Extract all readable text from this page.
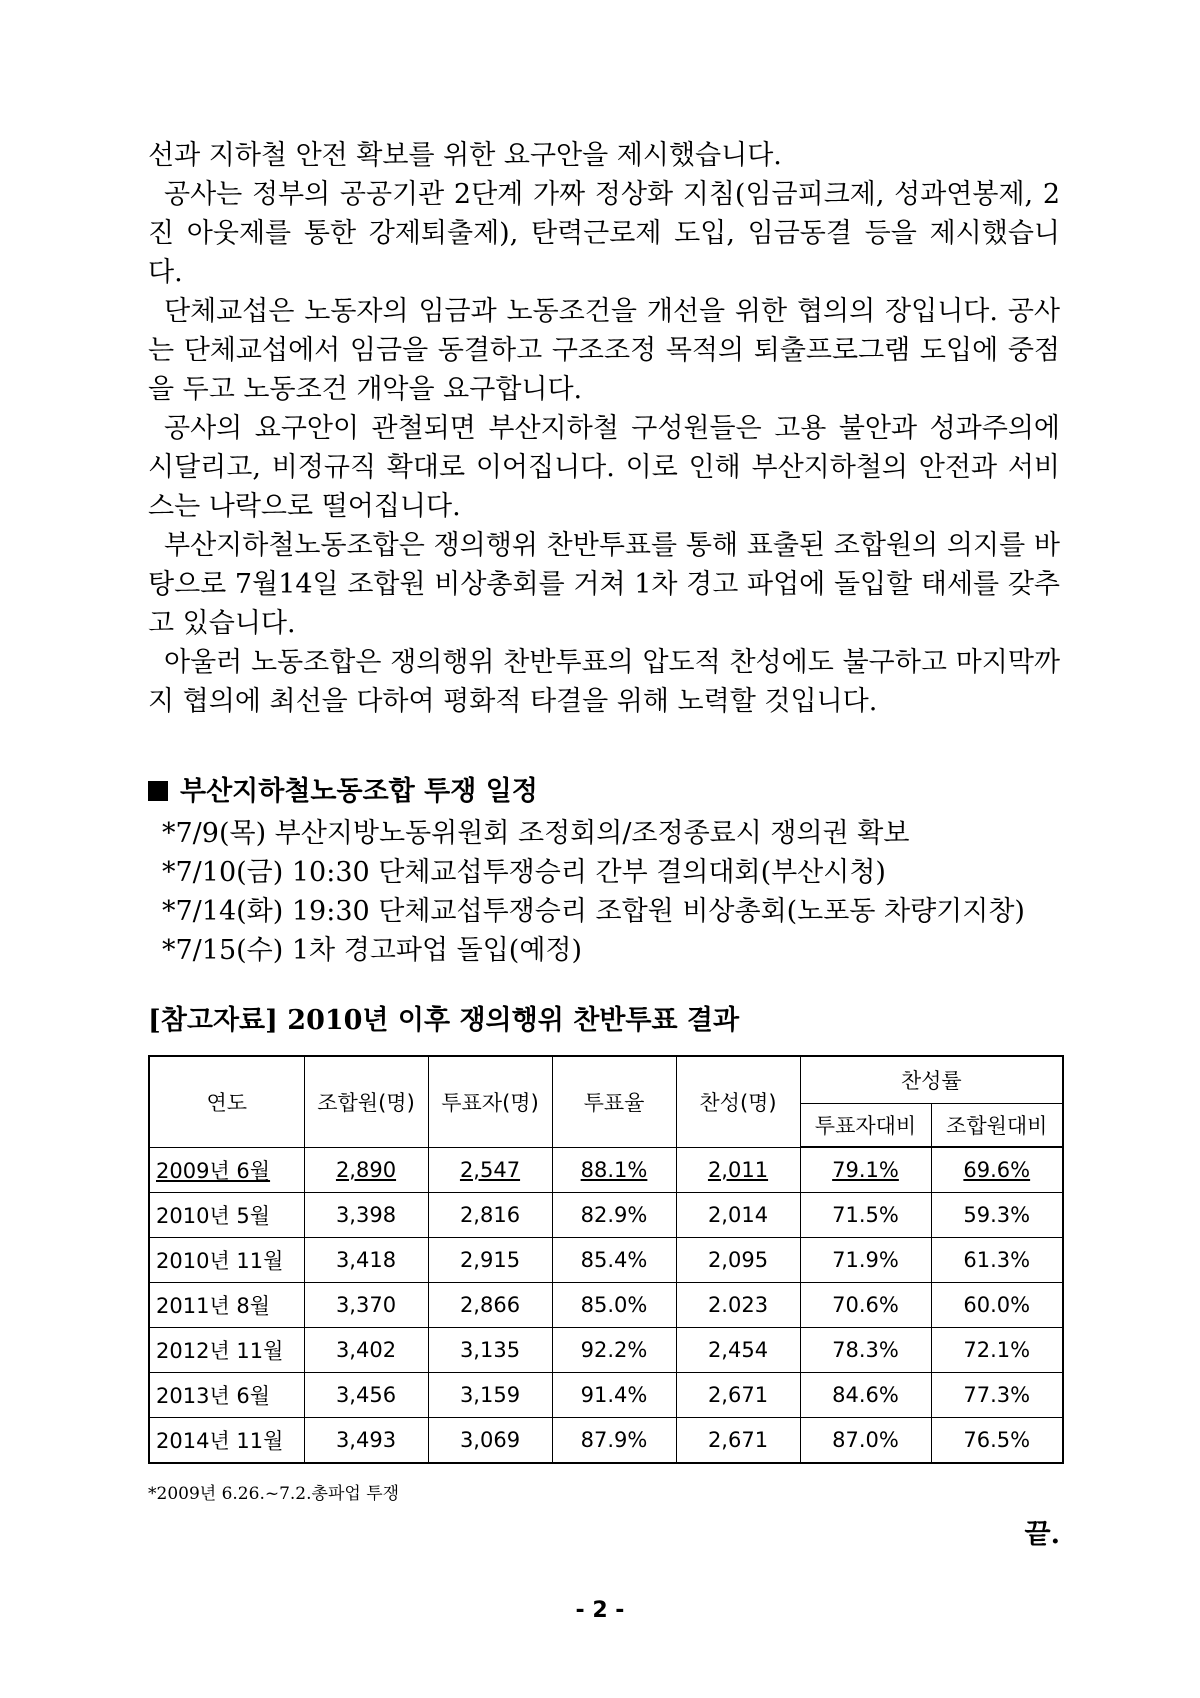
선과 지하철 안전 확보를 위한 요구안을 제시했습니다.

공사는 정부의 공공기관 2단계 가짜 정상화 지침(임금피크제, 성과연봉제, 2진 아웃제를 통한 강제퇴출제), 탄력근로제 도입, 임금동결 등을 제시했습니다.

단체교섭은 노동자의 임금과 노동조건을 개선을 위한 협의의 장입니다. 공사는 단체교섭에서 임금을 동결하고 구조조정 목적의 퇴출프로그램 도입에 중점을 두고 노동조건 개악을 요구합니다.

공사의 요구안이 관철되면 부산지하철 구성원들은 고용 불안과 성과주의에 시달리고, 비정규직 확대로 이어집니다. 이로 인해 부산지하철의 안전과 서비스는 나락으로 떨어집니다.

부산지하철노동조합은 쟁의행위 찬반투표를 통해 표출된 조합원의 의지를 바탕으로 7월14일 조합원 비상총회를 거쳐 1차 경고 파업에 돌입할 태세를 갖추고 있습니다.

아울러 노동조합은 쟁의행위 찬반투표의 압도적 찬성에도 불구하고 마지막까지 협의에 최선을 다하여 평화적 타결을 위해 노력할 것입니다.

부산지하철노동조합 투쟁 일정
*7/9(목) 부산지방노동위원회 조정회의/조정종료시 쟁의권 확보
*7/10(금) 10:30 단체교섭투쟁승리 간부 결의대회(부산시청)
*7/14(화) 19:30 단체교섭투쟁승리 조합원 비상총회(노포동 차량기지창)
*7/15(수) 1차 경고파업 돌입(예정)
[참고자료] 2010년 이후 쟁의행위 찬반투표 결과
연도	조합원(명)	투표자(명)	투표율	찬성(명)	찬성률	
					투표자대비	조합원대비
2009년 6월	2,890	2,547	88.1%	2,011	79.1%	69.6%
2010년 5월	3,398	2,816	82.9%	2,014	71.5%	59.3%
2010년 11월	3,418	2,915	85.4%	2,095	71.9%	61.3%
2011년 8월	3,370	2,866	85.0%	2.023	70.6%	60.0%
2012년 11월	3,402	3,135	92.2%	2,454	78.3%	72.1%
2013년 6월	3,456	3,159	91.4%	2,671	84.6%	77.3%
2014년 11월	3,493	3,069	87.9%	2,671	87.0%	76.5%

*2009년 6.26.~7.2.총파업 투쟁

끝.

- 2 -
